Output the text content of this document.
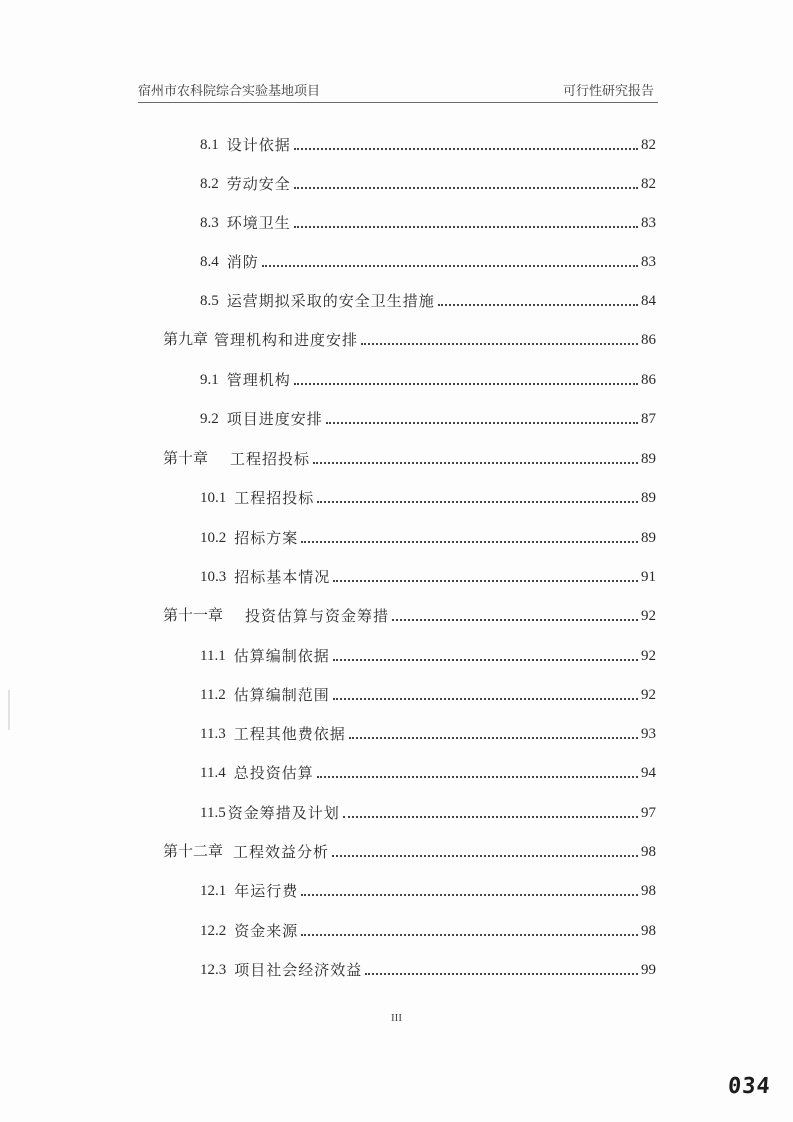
宿州市农科院综合实验基地项目	可行性研究报告
8.1 设计依据	82
8.2 劳动安全	82
8.3 环境卫生	83
8.4 消防	83
8.5 运营期拟采取的安全卫生措施	84
第九章 管理机构和进度安排	86
9.1 管理机构	86
9.2 项目进度安排	87
第十章 工程招投标	89
10.1 工程招投标	89
10.2 招标方案	89
10.3 招标基本情况	91
第十一章 投资估算与资金筹措	92
11.1 估算编制依据	92
11.2 估算编制范围	92
11.3 工程其他费依据	93
11.4 总投资估算	94
11.5 资金筹措及计划	97
第十二章 工程效益分析	98
12.1 年运行费	98
12.2 资金来源	98
12.3 项目社会经济效益	99
III
034
